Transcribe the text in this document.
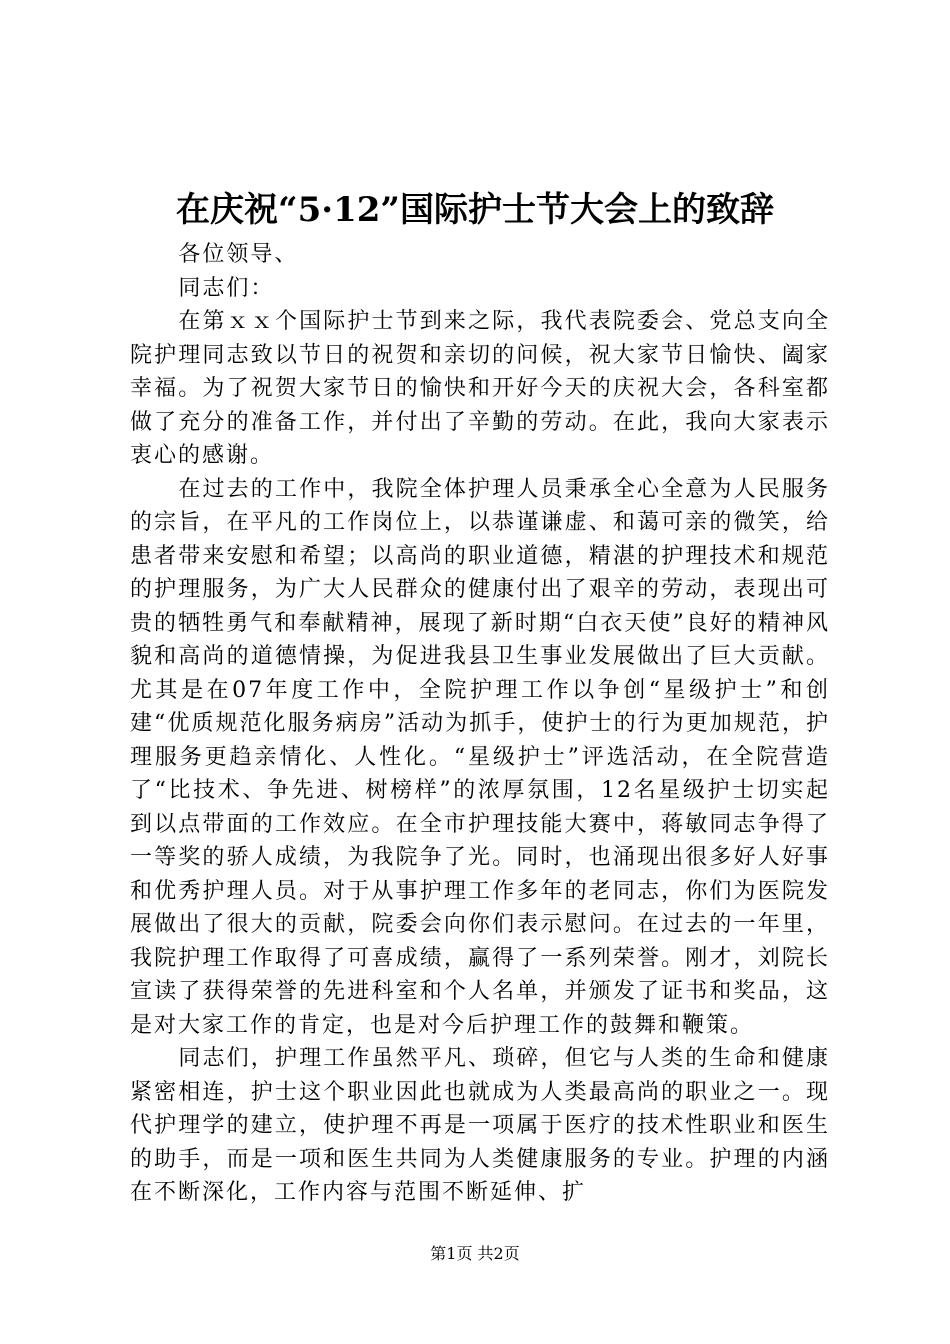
在庆祝“5·12”国际护士节大会上的致辞

各位领导、

同志们：

在第ｘｘ个国际护士节到来之际，我代表院委会、党总支向全院护理同志致以节日的祝贺和亲切的问候，祝大家节日愉快、阖家幸福。为了祝贺大家节日的愉快和开好今天的庆祝大会，各科室都做了充分的准备工作，并付出了辛勤的劳动。在此，我向大家表示衷心的感谢。

在过去的工作中，我院全体护理人员秉承全心全意为人民服务的宗旨，在平凡的工作岗位上，以恭谨谦虚、和蔼可亲的微笑，给患者带来安慰和希望；以高尚的职业道德，精湛的护理技术和规范的护理服务，为广大人民群众的健康付出了艰辛的劳动，表现出可贵的牺牲勇气和奉献精神，展现了新时期“白衣天使”良好的精神风貌和高尚的道德情操，为促进我县卫生事业发展做出了巨大贡献。尤其是在07年度工作中，全院护理工作以争创“星级护士”和创建“优质规范化服务病房”活动为抓手，使护士的行为更加规范，护理服务更趋亲情化、人性化。“星级护士”评选活动，在全院营造了“比技术、争先进、树榜样”的浓厚氛围，12名星级护士切实起到以点带面的工作效应。在全市护理技能大赛中，蒋敏同志争得了一等奖的骄人成绩，为我院争了光。同时，也涌现出很多好人好事和优秀护理人员。对于从事护理工作多年的老同志，你们为医院发展做出了很大的贡献，院委会向你们表示慰问。在过去的一年里，我院护理工作取得了可喜成绩，赢得了一系列荣誉。刚才，刘院长宣读了获得荣誉的先进科室和个人名单，并颁发了证书和奖品，这是对大家工作的肯定，也是对今后护理工作的鼓舞和鞭策。

同志们，护理工作虽然平凡、琐碎，但它与人类的生命和健康紧密相连，护士这个职业因此也就成为人类最高尚的职业之一。现代护理学的建立，使护理不再是一项属于医疗的技术性职业和医生的助手，而是一项和医生共同为人类健康服务的专业。护理的内涵在不断深化，工作内容与范围不断延伸、扩

第1页 共2页
